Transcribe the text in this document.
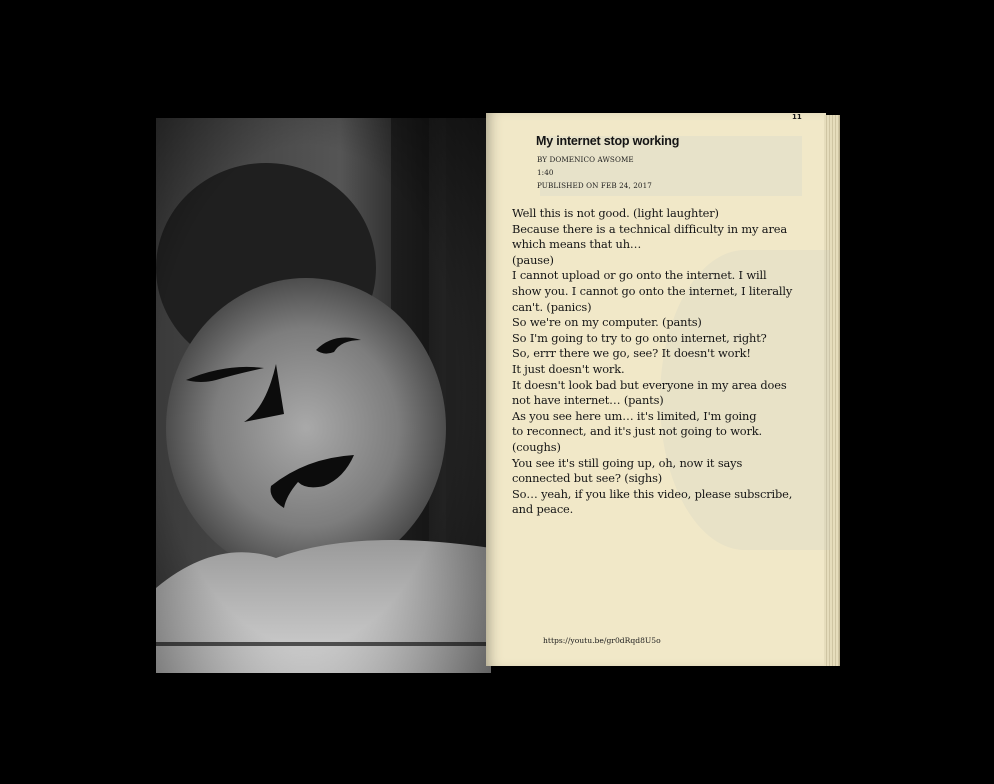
11
My internet stop working
BY DOMENICO AWSOME
1:40
PUBLISHED ON FEB 24, 2017
Well this is not good. (light laughter)
Because there is a technical difficulty in my area
which means that uh…
(pause)
I cannot upload or go onto the internet. I will
show you. I cannot go onto the internet, I literally
can't. (panics)
So we're on my computer. (pants)
So I'm going to try to go onto internet, right?
So, errr there we go, see? It doesn't work!
It just doesn't work.
It doesn't look bad but everyone in my area does
not have internet… (pants)
As you see here um… it's limited, I'm going
to reconnect, and it's just not going to work.
(coughs)
You see it's still going up, oh, now it says
connected but see? (sighs)
So… yeah, if you like this video, please subscribe,
and peace.
https://youtu.be/gr0dRqd8U5o
